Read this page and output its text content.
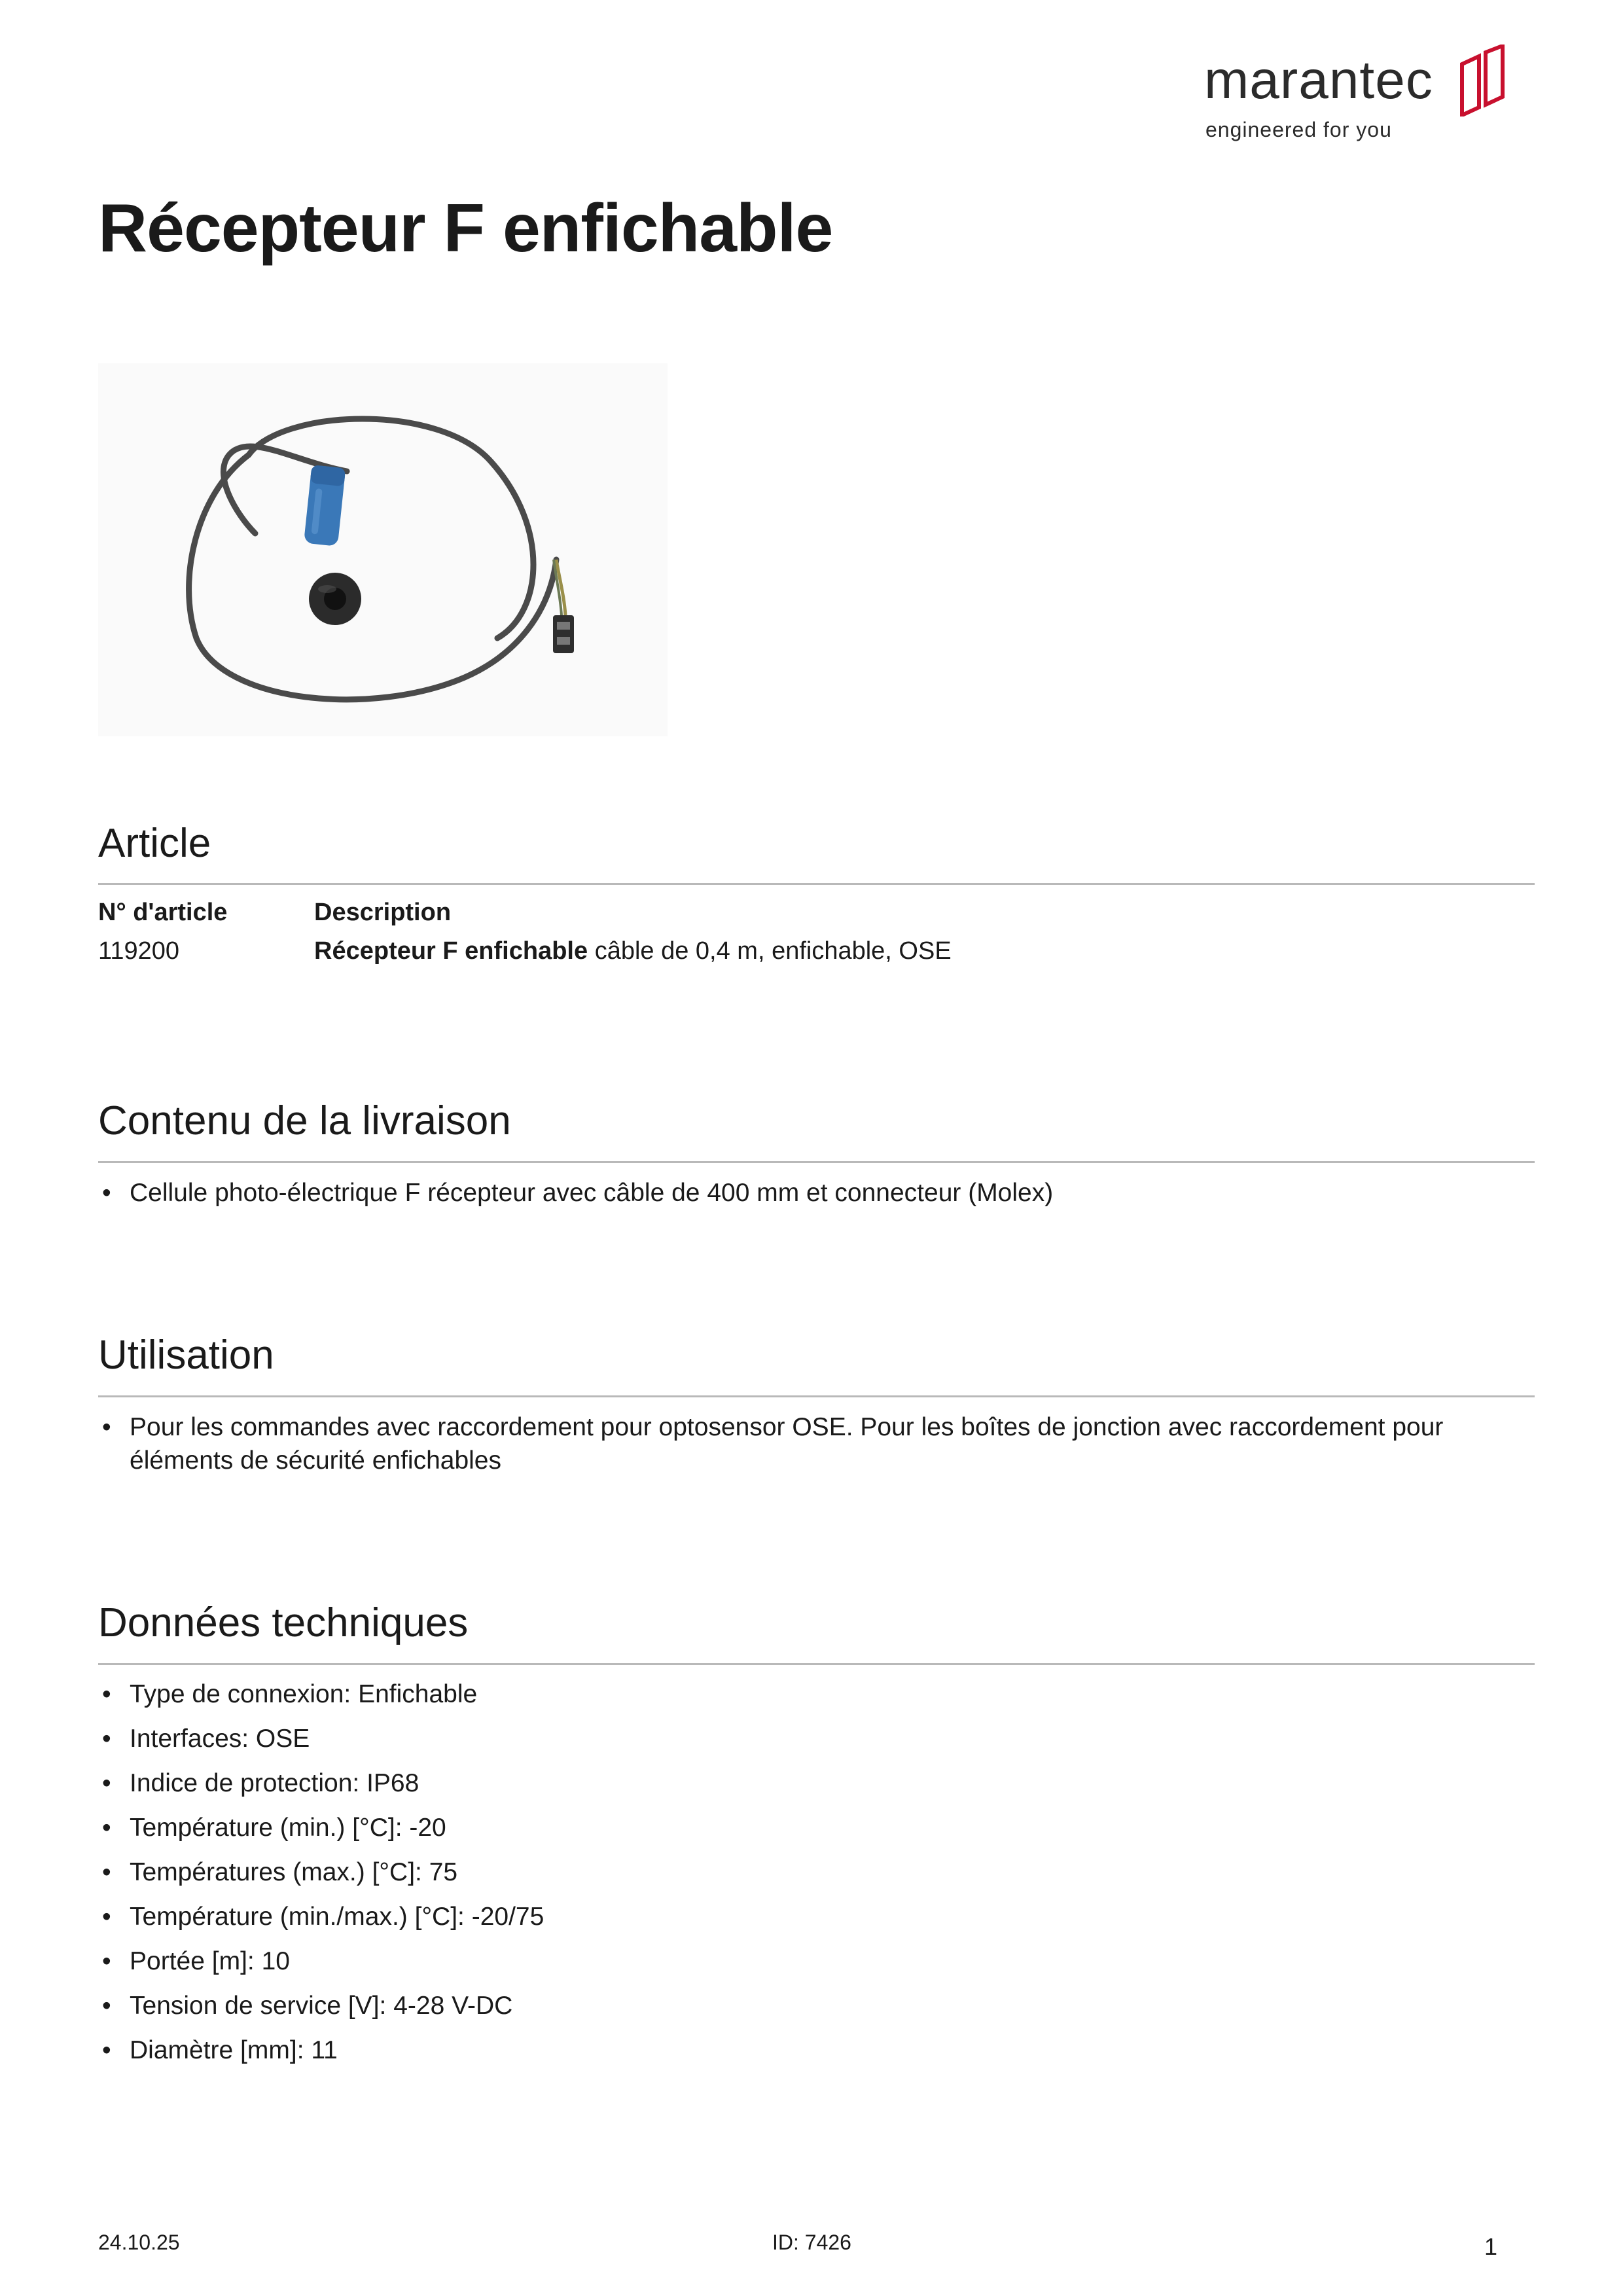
marantec
engineered for you
Récepteur F enfichable
Article
N° d'article	Description
119200	Récepteur F enfichable câble de 0,4 m, enfichable, OSE
Contenu de la livraison
• Cellule photo-électrique F récepteur avec câble de 400 mm et connecteur (Molex)
Utilisation
• Pour les commandes avec raccordement pour optosensor OSE. Pour les boîtes de jonction avec raccordement pour éléments de sécurité enfichables
Données techniques
• Type de connexion: Enfichable
• Interfaces: OSE
• Indice de protection: IP68
• Température (min.) [°C]: -20
• Températures (max.) [°C]: 75
• Température (min./max.) [°C]: -20/75
• Portée [m]: 10
• Tension de service [V]: 4-28 V-DC
• Diamètre [mm]: 11
24.10.25	ID: 7426	1
